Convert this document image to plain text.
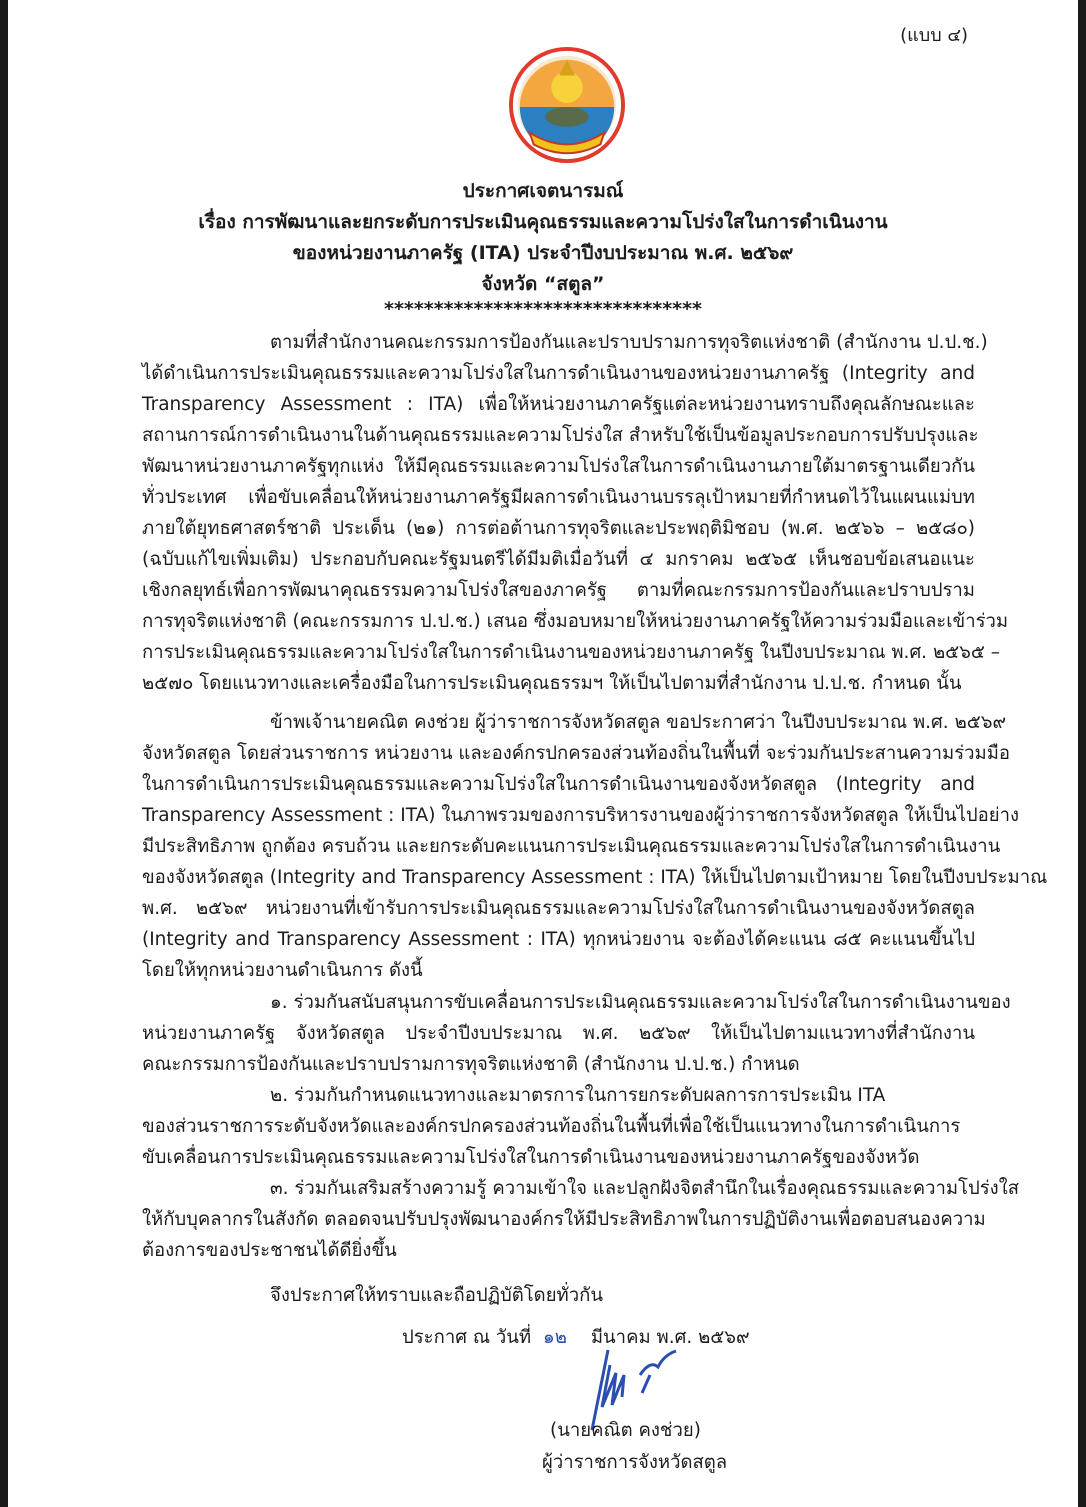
(แบบ ๔)
ประกาศเจตนารมณ์
เรื่อง การพัฒนาและยกระดับการประเมินคุณธรรมและความโปร่งใสในการดำเนินงาน
ของหน่วยงานภาครัฐ (ITA) ประจำปีงบประมาณ พ.ศ. ๒๕๖๙
จังหวัด “สตูล”
********************************
ตามที่สำนักงานคณะกรรมการป้องกันและปราบปรามการทุจริตแห่งชาติ (สำนักงาน ป.ป.ช.)
ได้ดำเนินการประเมินคุณธรรมและความโปร่งใสในการดำเนินงานของหน่วยงานภาครัฐ (Integrity and
Transparency Assessment : ITA) เพื่อให้หน่วยงานภาครัฐแต่ละหน่วยงานทราบถึงคุณลักษณะและ
สถานการณ์การดำเนินงานในด้านคุณธรรมและความโปร่งใส สำหรับใช้เป็นข้อมูลประกอบการปรับปรุงและ
พัฒนาหน่วยงานภาครัฐทุกแห่ง ให้มีคุณธรรมและความโปร่งใสในการดำเนินงานภายใต้มาตรฐานเดียวกัน
ทั่วประเทศ เพื่อขับเคลื่อนให้หน่วยงานภาครัฐมีผลการดำเนินงานบรรลุเป้าหมายที่กำหนดไว้ในแผนแม่บท
ภายใต้ยุทธศาสตร์ชาติ ประเด็น (๒๑) การต่อต้านการทุจริตและประพฤติมิชอบ (พ.ศ. ๒๕๖๖ – ๒๕๘๐)
(ฉบับแก้ไขเพิ่มเติม) ประกอบกับคณะรัฐมนตรีได้มีมติเมื่อวันที่ ๔ มกราคม ๒๕๖๕ เห็นชอบข้อเสนอแนะ
เชิงกลยุทธ์เพื่อการพัฒนาคุณธรรมความโปร่งใสของภาครัฐ ตามที่คณะกรรมการป้องกันและปราบปราม
การทุจริตแห่งชาติ (คณะกรรมการ ป.ป.ช.) เสนอ ซึ่งมอบหมายให้หน่วยงานภาครัฐให้ความร่วมมือและเข้าร่วม
การประเมินคุณธรรมและความโปร่งใสในการดำเนินงานของหน่วยงานภาครัฐ ในปีงบประมาณ พ.ศ. ๒๕๖๕ –
๒๕๗๐ โดยแนวทางและเครื่องมือในการประเมินคุณธรรมฯ ให้เป็นไปตามที่สำนักงาน ป.ป.ช. กำหนด นั้น
ข้าพเจ้านายคณิต คงช่วย ผู้ว่าราชการจังหวัดสตูล ขอประกาศว่า ในปีงบประมาณ พ.ศ. ๒๕๖๙
จังหวัดสตูล โดยส่วนราชการ หน่วยงาน และองค์กรปกครองส่วนท้องถิ่นในพื้นที่ จะร่วมกันประสานความร่วมมือ
ในการดำเนินการประเมินคุณธรรมและความโปร่งใสในการดำเนินงานของจังหวัดสตูล (Integrity and
Transparency Assessment : ITA) ในภาพรวมของการบริหารงานของผู้ว่าราชการจังหวัดสตูล ให้เป็นไปอย่าง
มีประสิทธิภาพ ถูกต้อง ครบถ้วน และยกระดับคะแนนการประเมินคุณธรรมและความโปร่งใสในการดำเนินงาน
ของจังหวัดสตูล (Integrity and Transparency Assessment : ITA) ให้เป็นไปตามเป้าหมาย โดยในปีงบประมาณ
พ.ศ. ๒๕๖๙ หน่วยงานที่เข้ารับการประเมินคุณธรรมและความโปร่งใสในการดำเนินงานของจังหวัดสตูล
(Integrity and Transparency Assessment : ITA) ทุกหน่วยงาน จะต้องได้คะแนน ๘๕ คะแนนขึ้นไป
โดยให้ทุกหน่วยงานดำเนินการ ดังนี้
๑. ร่วมกันสนับสนุนการขับเคลื่อนการประเมินคุณธรรมและความโปร่งใสในการดำเนินงานของ
หน่วยงานภาครัฐ จังหวัดสตูล ประจำปีงบประมาณ พ.ศ. ๒๕๖๙ ให้เป็นไปตามแนวทางที่สำนักงาน
คณะกรรมการป้องกันและปราบปรามการทุจริตแห่งชาติ (สำนักงาน ป.ป.ช.) กำหนด
๒. ร่วมกันกำหนดแนวทางและมาตรการในการยกระดับผลการการประเมิน ITA
ของส่วนราชการระดับจังหวัดและองค์กรปกครองส่วนท้องถิ่นในพื้นที่เพื่อใช้เป็นแนวทางในการดำเนินการ
ขับเคลื่อนการประเมินคุณธรรมและความโปร่งใสในการดำเนินงานของหน่วยงานภาครัฐของจังหวัด
๓. ร่วมกันเสริมสร้างความรู้ ความเข้าใจ และปลูกฝังจิตสำนึกในเรื่องคุณธรรมและความโปร่งใส
ให้กับบุคลากรในสังกัด ตลอดจนปรับปรุงพัฒนาองค์กรให้มีประสิทธิภาพในการปฏิบัติงานเพื่อตอบสนองความ
ต้องการของประชาชนได้ดียิ่งขึ้น
จึงประกาศให้ทราบและถือปฏิบัติโดยทั่วกัน
ประกาศ ณ วันที่ ๑๒ มีนาคม พ.ศ. ๒๕๖๙
(นายคณิต คงช่วย)
ผู้ว่าราชการจังหวัดสตูล
